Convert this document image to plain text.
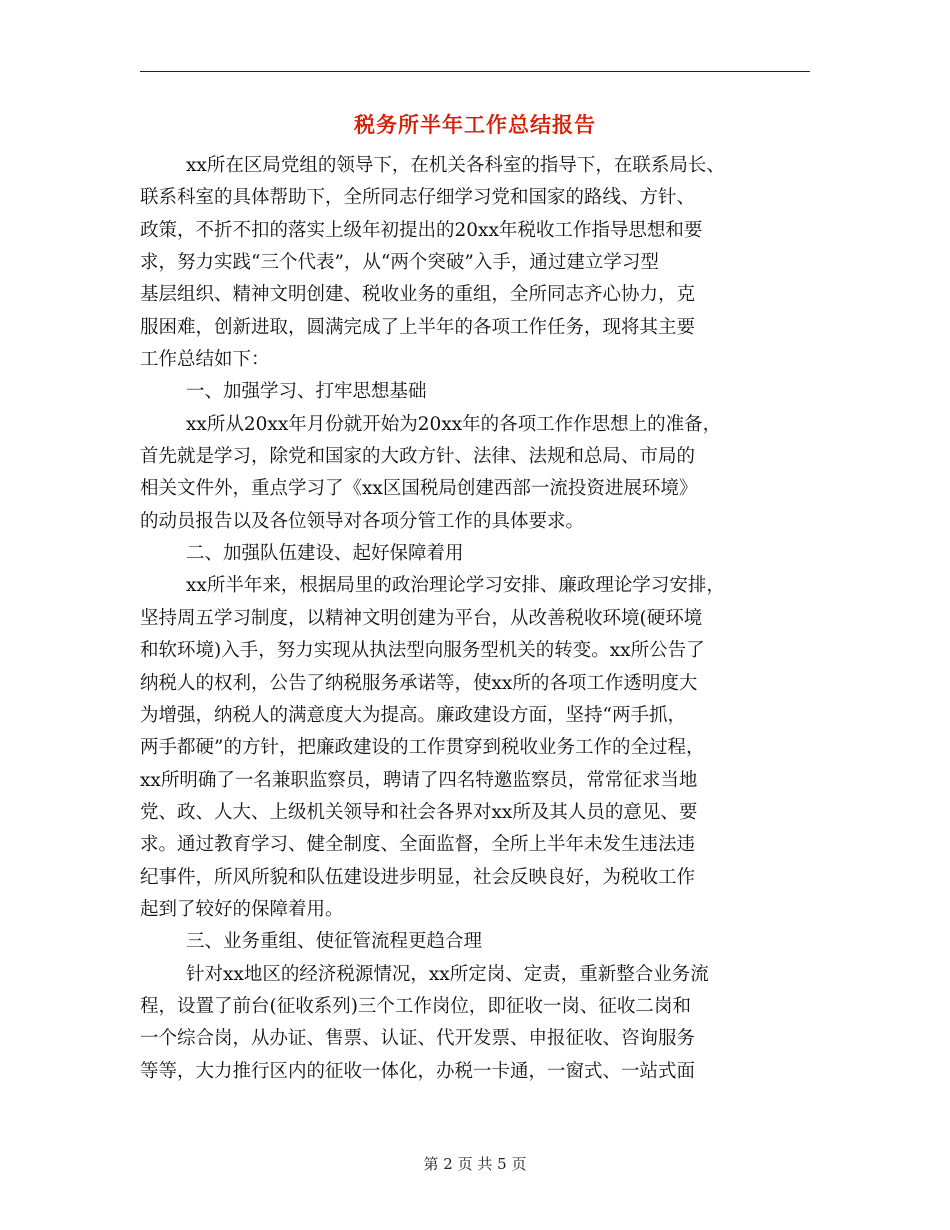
税务所半年工作总结报告
xx所在区局党组的领导下，在机关各科室的指导下，在联系局长、
联系科室的具体帮助下，全所同志仔细学习党和国家的路线、方针、
政策，不折不扣的落实上级年初提出的20xx年税收工作指导思想和要
求，努力实践“三个代表”，从“两个突破”入手，通过建立学习型
基层组织、精神文明创建、税收业务的重组，全所同志齐心协力，克
服困难，创新进取，圆满完成了上半年的各项工作任务，现将其主要
工作总结如下：
一、加强学习、打牢思想基础
xx所从20xx年月份就开始为20xx年的各项工作作思想上的准备，
首先就是学习，除党和国家的大政方针、法律、法规和总局、市局的
相关文件外，重点学习了《xx区国税局创建西部一流投资进展环境》
的动员报告以及各位领导对各项分管工作的具体要求。
二、加强队伍建设、起好保障着用
xx所半年来，根据局里的政治理论学习安排、廉政理论学习安排，
坚持周五学习制度，以精神文明创建为平台，从改善税收环境(硬环境
和软环境)入手，努力实现从执法型向服务型机关的转变。xx所公告了
纳税人的权利，公告了纳税服务承诺等，使xx所的各项工作透明度大
为增强，纳税人的满意度大为提高。廉政建设方面，坚持“两手抓，
两手都硬”的方针，把廉政建设的工作贯穿到税收业务工作的全过程，
xx所明确了一名兼职监察员，聘请了四名特邀监察员，常常征求当地
党、政、人大、上级机关领导和社会各界对xx所及其人员的意见、要
求。通过教育学习、健全制度、全面监督，全所上半年未发生违法违
纪事件，所风所貌和队伍建设进步明显，社会反映良好，为税收工作
起到了较好的保障着用。
三、业务重组、使征管流程更趋合理
针对xx地区的经济税源情况，xx所定岗、定责，重新整合业务流
程，设置了前台(征收系列)三个工作岗位，即征收一岗、征收二岗和
一个综合岗，从办证、售票、认证、代开发票、申报征收、咨询服务
等等，大力推行区内的征收一体化，办税一卡通，一窗式、一站式面
第 2 页 共 5 页
